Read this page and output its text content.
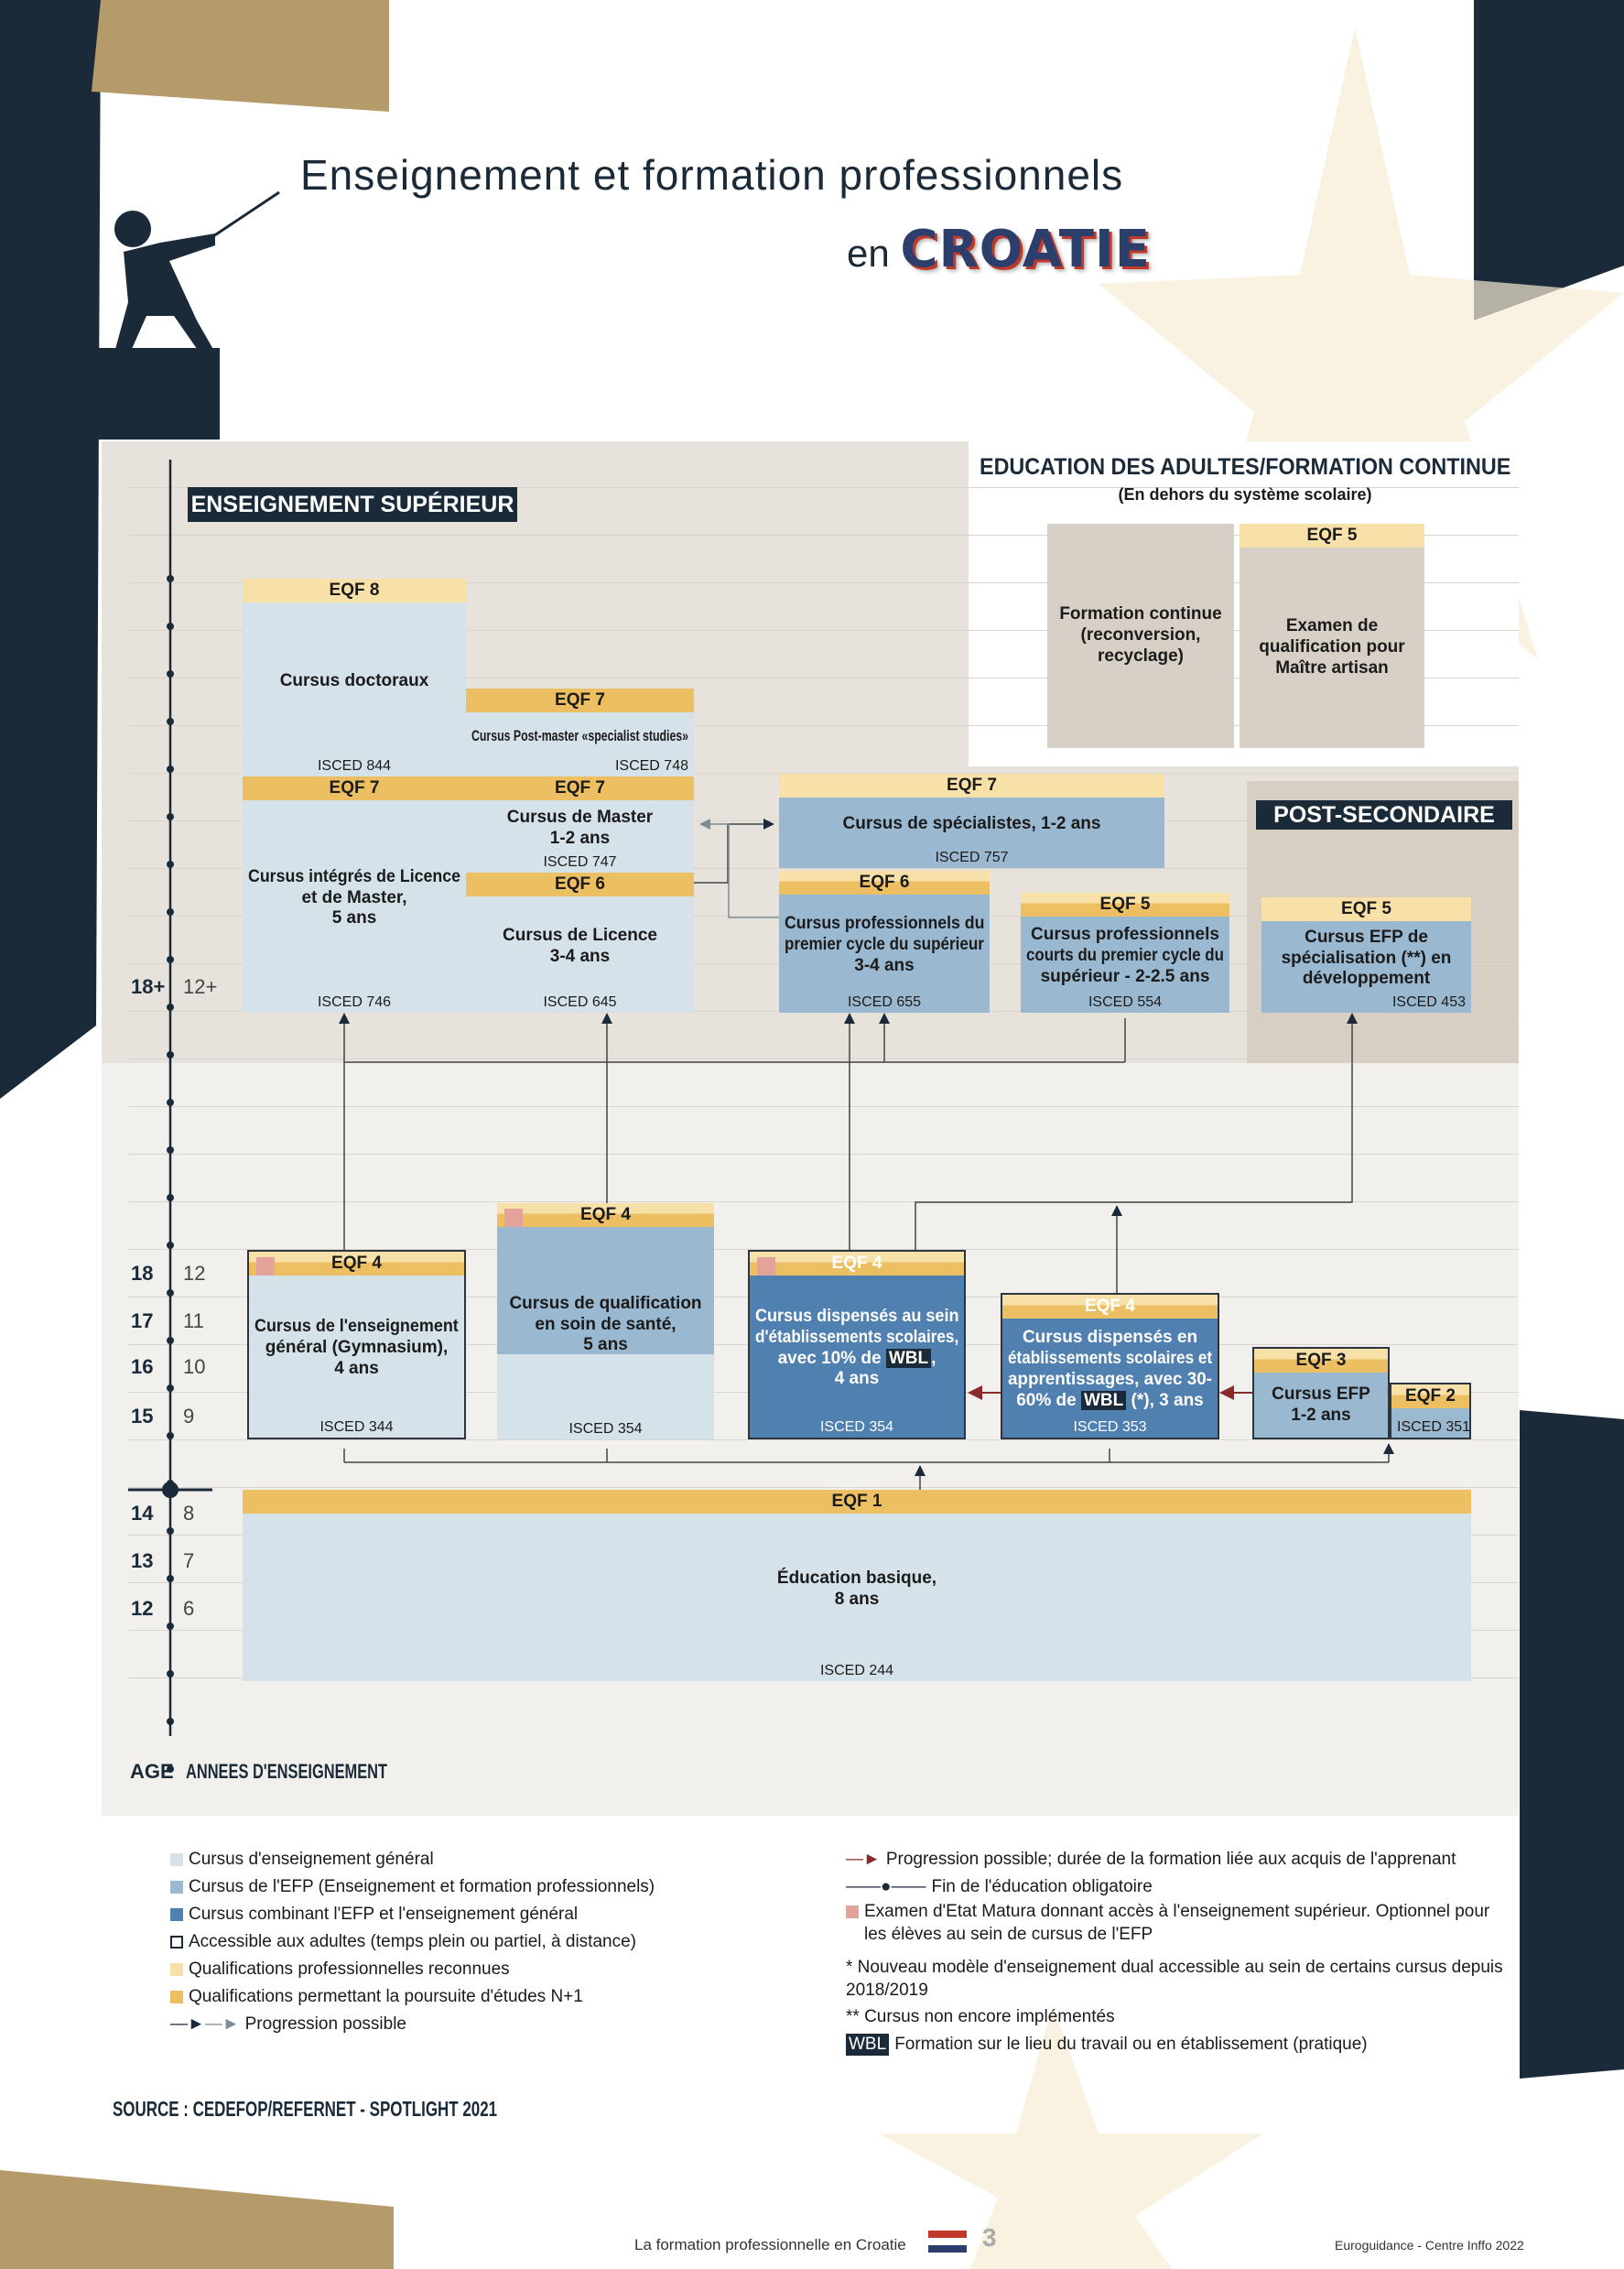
Enseignement et formation professionnels
en CROATIE
ENSEIGNEMENT SUPÉRIEUR
EDUCATION DES ADULTES/FORMATION CONTINUE
(En dehors du système scolaire)
POST-SECONDAIRE
EQF 8
Cursus doctoraux
ISCED 844
EQF 7
Cursus intégrés de Licence
et de Master,
5 ans
ISCED 746
EQF 7
Cursus Post-master «specialist studies»
ISCED 748
EQF 7
Cursus de Master
1-2 ans
ISCED 747
EQF 6
Cursus de Licence
3-4 ans
ISCED 645
EQF 7
Cursus de spécialistes, 1-2 ans
ISCED 757
EQF 6
Cursus professionnels du
premier cycle du supérieur
3-4 ans
ISCED 655
EQF 5
Cursus professionnels
courts du premier cycle du
supérieur - 2-2.5 ans
ISCED 554
EQF 5
Cursus EFP de
spécialisation (**) en
développement
ISCED 453
Formation continue
(reconversion,
recyclage)
EQF 5
Examen de
qualification pour
Maître artisan
EQF 4
Cursus de l'enseignement
général (Gymnasium),
4 ans
ISCED 344
EQF 4
Cursus de qualification
en soin de santé,
5 ans
ISCED 354
EQF 4
Cursus dispensés au sein
d'établissements scolaires,
avec 10% de WBL ,
4 ans
ISCED 354
EQF 4
Cursus dispensés en
établissements scolaires et
apprentissages, avec 30-
60% de WBL (*), 3 ans
ISCED 353
EQF 3
Cursus EFP
1-2 ans
EQF 2
ISCED 351
EQF 1
Éducation basique,
8 ans
ISCED 244
18+ 12+
18 12
17 11
16 10
15 9
14 8
13 7
12 6
AGE ANNEES D'ENSEIGNEMENT
Cursus d'enseignement général
Cursus de l'EFP (Enseignement et formation professionnels)
Cursus combinant l'EFP et l'enseignement général
Accessible aux adultes (temps plein ou partiel, à distance)
Qualifications professionnelles reconnues
Qualifications permettant la poursuite d'études N+1
—►—► Progression possible
—► Progression possible; durée de la formation liée aux acquis de l'apprenant
——●—— Fin de l'éducation obligatoire
Examen d'Etat Matura donnant accès à l'enseignement supérieur. Optionnel pour les élèves au sein de cursus de l'EFP
* Nouveau modèle d'enseignement dual accessible au sein de certains cursus depuis 2018/2019
** Cursus non encore implémentés
WBL Formation sur le lieu du travail ou en établissement (pratique)
SOURCE : CEDEFOP/REFERNET - SPOTLIGHT 2021
La formation professionnelle en Croatie	3	Euroguidance - Centre Inffo 2022
